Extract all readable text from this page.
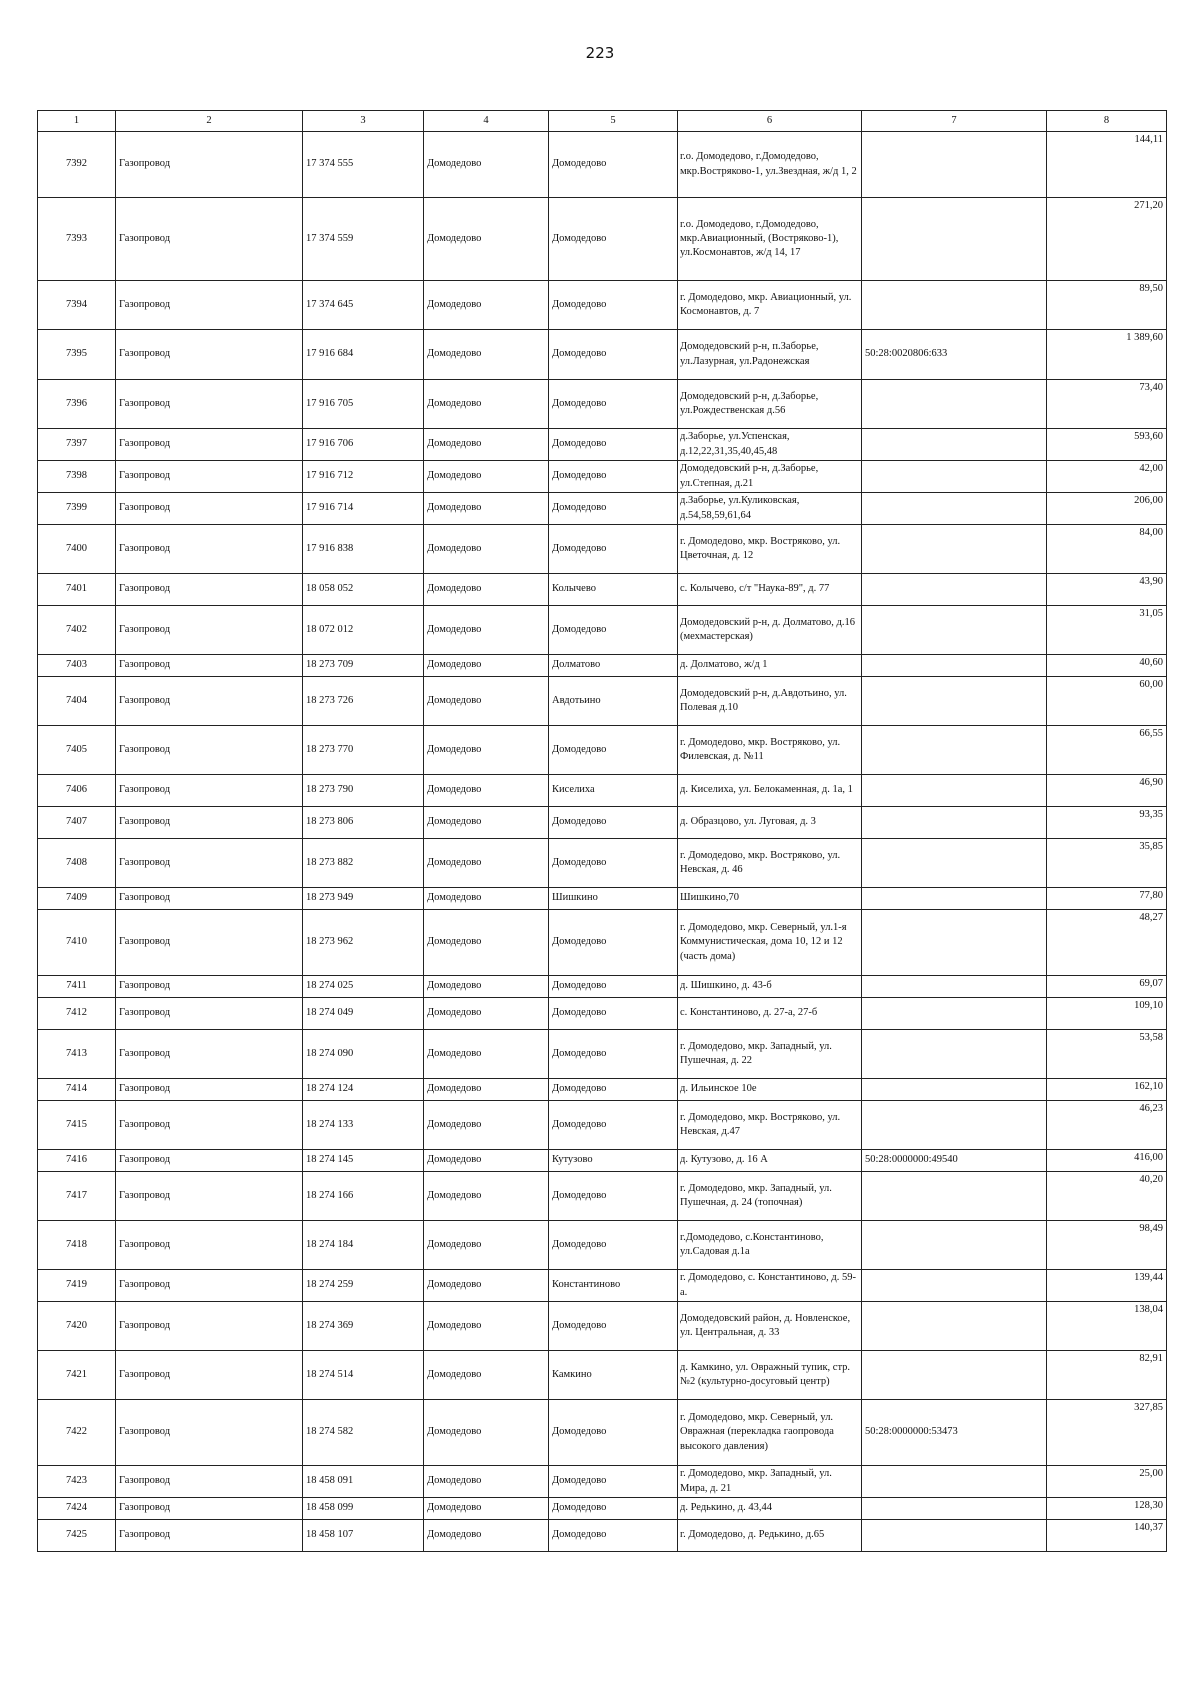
223
1	2	3	4	5	6	7	8
7392	Газопровод	17 374 555	Домодедово	Домодедово	г.о. Домодедово, г.Домодедово, мкр.Востряково-1, ул.Звездная, ж/д 1, 2		144,11
7393	Газопровод	17 374 559	Домодедово	Домодедово	г.о. Домодедово, г.Домодедово, мкр.Авиационный, (Востряково-1), ул.Космонавтов, ж/д 14, 17		271,20
7394	Газопровод	17 374 645	Домодедово	Домодедово	г. Домодедово, мкр. Авиационный, ул. Космонавтов, д. 7		89,50
7395	Газопровод	17 916 684	Домодедово	Домодедово	Домодедовский р-н, п.Заборье, ул.Лазурная, ул.Радонежская	50:28:0020806:633	1 389,60
7396	Газопровод	17 916 705	Домодедово	Домодедово	Домодедовский р-н, д.Заборье, ул.Рождественская д.56		73,40
7397	Газопровод	17 916 706	Домодедово	Домодедово	д.Заборье, ул.Успенская, д.12,22,31,35,40,45,48		593,60
7398	Газопровод	17 916 712	Домодедово	Домодедово	Домодедовский р-н, д.Заборье, ул.Степная, д.21		42,00
7399	Газопровод	17 916 714	Домодедово	Домодедово	д.Заборье, ул.Куликовская, д.54,58,59,61,64		206,00
7400	Газопровод	17 916 838	Домодедово	Домодедово	г. Домодедово, мкр. Востряково, ул. Цветочная, д. 12		84,00
7401	Газопровод	18 058 052	Домодедово	Колычево	с. Колычево, с/т "Наука-89", д. 77		43,90
7402	Газопровод	18 072 012	Домодедово	Домодедово	Домодедовский р-н, д. Долматово, д.16 (мехмастерская)		31,05
7403	Газопровод	18 273 709	Домодедово	Долматово	д. Долматово, ж/д 1		40,60
7404	Газопровод	18 273 726	Домодедово	Авдотьино	Домодедовский р-н, д.Авдотьино, ул. Полевая д.10		60,00
7405	Газопровод	18 273 770	Домодедово	Домодедово	г. Домодедово, мкр. Востряково, ул. Филевская, д. №11		66,55
7406	Газопровод	18 273 790	Домодедово	Киселиха	д. Киселиха, ул. Белокаменная, д. 1а, 1		46,90
7407	Газопровод	18 273 806	Домодедово	Домодедово	д. Образцово, ул. Луговая, д. 3		93,35
7408	Газопровод	18 273 882	Домодедово	Домодедово	г. Домодедово, мкр. Востряково, ул. Невская, д. 46		35,85
7409	Газопровод	18 273 949	Домодедово	Шишкино	Шишкино,70		77,80
7410	Газопровод	18 273 962	Домодедово	Домодедово	г. Домодедово, мкр. Северный, ул.1-я Коммунистическая, дома 10, 12 и 12 (часть дома)		48,27
7411	Газопровод	18 274 025	Домодедово	Домодедово	д. Шишкино, д. 43-б		69,07
7412	Газопровод	18 274 049	Домодедово	Домодедово	с. Константиново, д. 27-а, 27-б		109,10
7413	Газопровод	18 274 090	Домодедово	Домодедово	г. Домодедово, мкр. Западный, ул. Пушечная, д. 22		53,58
7414	Газопровод	18 274 124	Домодедово	Домодедово	д. Ильинское 10е		162,10
7415	Газопровод	18 274 133	Домодедово	Домодедово	г. Домодедово, мкр. Востряково, ул. Невская, д.47		46,23
7416	Газопровод	18 274 145	Домодедово	Кутузово	д. Кутузово, д. 16 А	50:28:0000000:49540	416,00
7417	Газопровод	18 274 166	Домодедово	Домодедово	г. Домодедово, мкр. Западный, ул. Пушечная, д. 24 (топочная)		40,20
7418	Газопровод	18 274 184	Домодедово	Домодедово	г.Домодедово, с.Константиново, ул.Садовая д.1а		98,49
7419	Газопровод	18 274 259	Домодедово	Константиново	г. Домодедово, с. Константиново, д. 59-а.		139,44
7420	Газопровод	18 274 369	Домодедово	Домодедово	Домодедовский район, д. Новленское, ул. Центральная, д. 33		138,04
7421	Газопровод	18 274 514	Домодедово	Камкино	д. Камкино, ул. Овражный тупик, стр. №2 (культурно-досуговый центр)		82,91
7422	Газопровод	18 274 582	Домодедово	Домодедово	г. Домодедово, мкр. Северный, ул. Овражная (перекладка гаопровода высокого давления)	50:28:0000000:53473	327,85
7423	Газопровод	18 458 091	Домодедово	Домодедово	г. Домодедово, мкр. Западный, ул. Мира, д. 21		25,00
7424	Газопровод	18 458 099	Домодедово	Домодедово	д. Редькино, д. 43,44		128,30
7425	Газопровод	18 458 107	Домодедово	Домодедово	г. Домодедово, д. Редькино, д.65		140,37
